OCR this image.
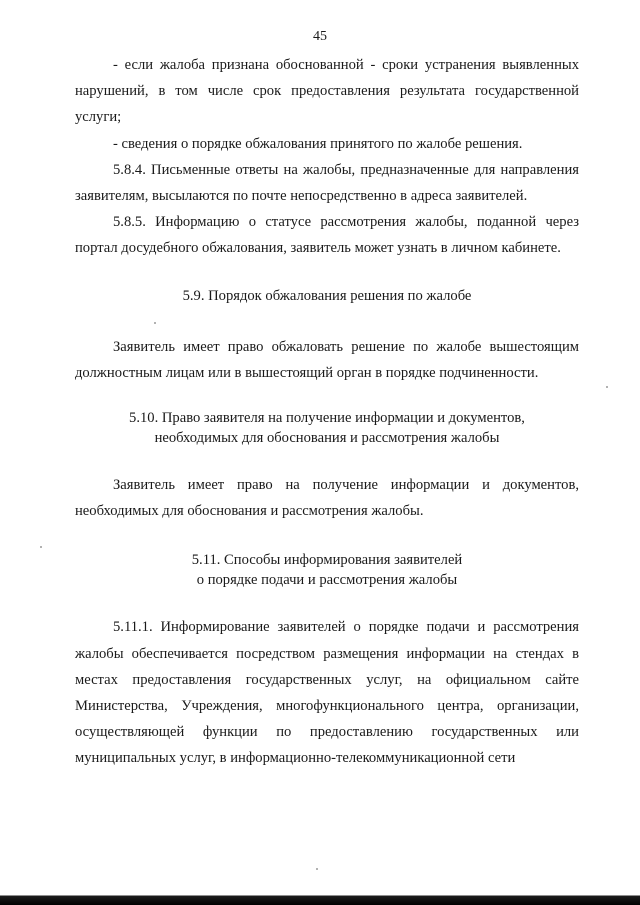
45

- если жалоба признана обоснованной - сроки устранения выявленных нарушений, в том числе срок предоставления результата государственной услуги;

- сведения о порядке обжалования принятого по жалобе решения.

5.8.4. Письменные ответы на жалобы, предназначенные для направления заявителям, высылаются по почте непосредственно в адреса заявителей.

5.8.5. Информацию о статусе рассмотрения жалобы, поданной через портал досудебного обжалования, заявитель может узнать в личном кабинете.

5.9. Порядок обжалования решения по жалобе

Заявитель имеет право обжаловать решение по жалобе вышестоящим должностным лицам или в вышестоящий орган в порядке подчиненности.

5.10. Право заявителя на получение информации и документов,
необходимых для обоснования и рассмотрения жалобы

Заявитель имеет право на получение информации и документов, необходимых для обоснования и рассмотрения жалобы.

5.11. Способы информирования заявителей
о порядке подачи и рассмотрения жалобы

5.11.1. Информирование заявителей о порядке подачи и рассмотрения жалобы обеспечивается посредством размещения информации на стендах в местах предоставления государственных услуг, на официальном сайте Министерства, Учреждения, многофункционального центра, организации, осуществляющей функции по предоставлению государственных или муниципальных услуг, в информационно-телекоммуникационной сети
